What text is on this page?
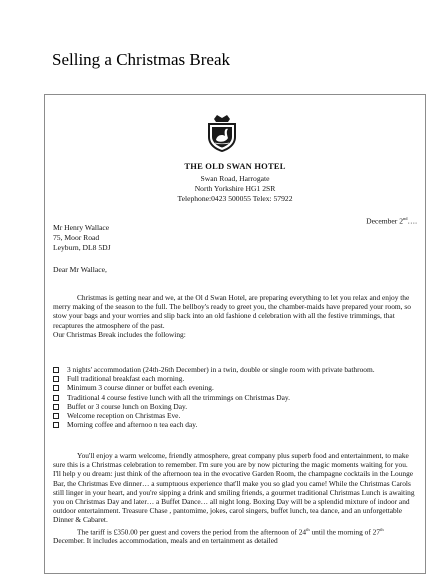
Selling a Christmas Break
THE OLD SWAN HOTEL
Swan Road, Harrogate
North Yorkshire HG1 2SR
Telephone:0423 500055 Telex: 57922
December 2nd….
Mr Henry Wallace
75, Moor Road
Leyburn, DL8 5DJ
Dear Mr Wallace,

Christmas is getting near and we, at the Ol d Swan Hotel, are preparing everything to let you relax and enjoy the merry making of the season to the full. The bellboy's ready to greet you, the chamber-maids have prepared your room, so stow your bags and your worries and slip back into an old fashione d celebration with all the festive trimmings, that recaptures the atmosphere of the past.

Our Christmas Break includes the following:

3 nights' accommodation (24th-26th December) in a twin, double or single room with private bathroom.
Full traditional breakfast each morning.
Minimum 3 course dinner or buffet each evening.
Traditional 4 course festive lunch with all the trimmings on Christmas Day.
Buffet or 3 course lunch on Boxing Day.
Welcome reception on Christmas Eve.
Morning coffee and afternoo n tea each day.

You'll enjoy a warm welcome, friendly atmosphere, great company plus superb food and entertainment, to make sure this is a Christmas celebration to remember. I'm sure you are by now picturing the magic moments waiting for you. I'll help y ou dream: just think of the afternoon tea in the evocative Garden Room, the champagne cocktails in the Lounge Bar, the Christmas Eve dinner… a sumptuous experience that'll make you so glad you came! While the Christmas Carols still linger in your heart, and you're sipping a drink and smiling friends, a gourmet traditional Christmas Lunch is awaiting you on Christmas Day and later… a Buffet Dance… all night long. Boxing Day will be a splendid mixture of indoor and outdoor entertainment. Treasure Chase , pantomime, jokes, carol singers, buffet lunch, tea dance, and an unforgettable Dinner & Cabaret.

The tariff is £350.00 per guest and covers the period from the afternoon of 24th until the morning of 27th December. It includes accommodation, meals and en tertainment as detailed
